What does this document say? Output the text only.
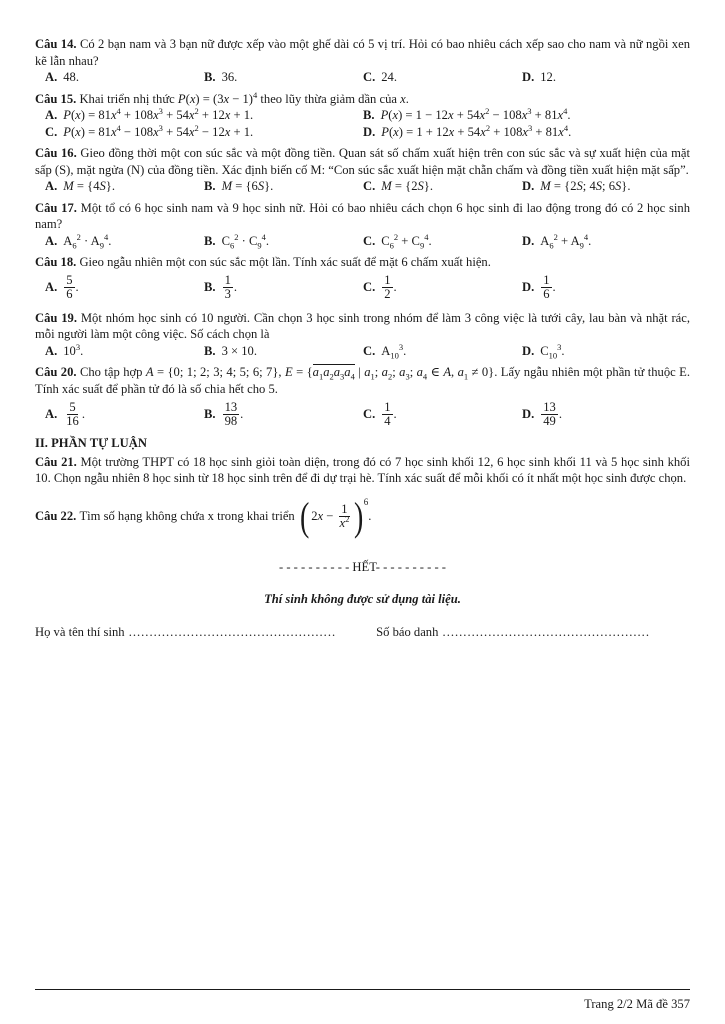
Câu 14. Có 2 bạn nam và 3 bạn nữ được xếp vào một ghế dài có 5 vị trí. Hỏi có bao nhiêu cách xếp sao cho nam và nữ ngồi xen kẽ lẫn nhau?
A. 48.	B. 36.	C. 24.	D. 12.
Câu 15. Khai triển nhị thức $P(x) = (3x - 1)^4$ theo lũy thừa giảm dần của x.
A. $P(x) = 81x^4 + 108x^3 + 54x^2 + 12x + 1$.	B. $P(x) = 1 - 12x + 54x^2 - 108x^3 + 81x^4$.
C. $P(x) = 81x^4 - 108x^3 + 54x^2 - 12x + 1$.	D. $P(x) = 1 + 12x + 54x^2 + 108x^3 + 81x^4$.
Câu 16. Gieo đồng thời một con súc sắc và một đồng tiền. Quan sát số chấm xuất hiện trên con súc sắc và sự xuất hiện của mặt sấp (S), mặt ngửa (N) của đồng tiền. Xác định biến cố M: “Con súc sắc xuất hiện mặt chẵn chấm và đồng tiền xuất hiện mặt sấp”.
A. M = {4S}.	B. M = {6S}.	C. M = {2S}.	D. M = {2S; 4S; 6S}.
Câu 17. Một tổ có 6 học sinh nam và 9 học sinh nữ. Hỏi có bao nhiêu cách chọn 6 học sinh đi lao động trong đó có 2 học sinh nam?
A. $A_6^2 \cdot A_9^4$.	B. $C_6^2 \cdot C_9^4$.	C. $C_6^2 + C_9^4$.	D. $A_6^2 + A_9^4$.
Câu 18. Gieo ngẫu nhiên một con súc sắc một lần. Tính xác suất để mặt 6 chấm xuất hiện.
A. $\frac{5}{6}$ .	B. $\frac{1}{3}$ .	C. $\frac{1}{2}$ .	D. $\frac{1}{6}$ .
Câu 19. Một nhóm học sinh có 10 người. Cần chọn 3 học sinh trong nhóm để làm 3 công việc là tưới cây, lau bàn và nhặt rác, mỗi người làm một công việc. Số cách chọn là
A. $10^3$.	B. 3 × 10.	C. $A_{10}^3$.	D. $C_{10}^3$.
Câu 20. Cho tập hợp A = {0; 1; 2; 3; 4; 5; 6; 7}, $E = \{a_1a_2a_3a_4$ | $a_1$; $a_2$; $a_3$; $a_4$ ∈ A, $a_1 \ne 0$}. Lấy ngẫu nhiên một phần tử thuộc E. Tính xác suất để phần tử đó là số chia hết cho 5.
A. $\frac{5}{16}$ .	B. $\frac{13}{98}$ .	C. $\frac{1}{4}$ .	D. $\frac{13}{49}$ .
II. PHẦN TỰ LUẬN
Câu 21. Một trường THPT có 18 học sinh giỏi toàn diện, trong đó có 7 học sinh khối 12, 6 học sinh khối 11 và 5 học sinh khối 10. Chọn ngẫu nhiên 8 học sinh từ 18 học sinh trên để đi dự trại hè. Tính xác suất để mỗi khối có ít nhất một học sinh được chọn.
Câu 22.
Tìm số hạng không chứa x trong khai triển
( $2x - \frac{1}{x^2}$ ) 6
.
- - - - - - - - - - HẾT- - - - - - - - - -
Thí sinh không được sử dụng tài liệu.
Họ và tên thí sinh ..................................................	Số báo danh ..................................................
Trang 2/2 Mã đề 357
